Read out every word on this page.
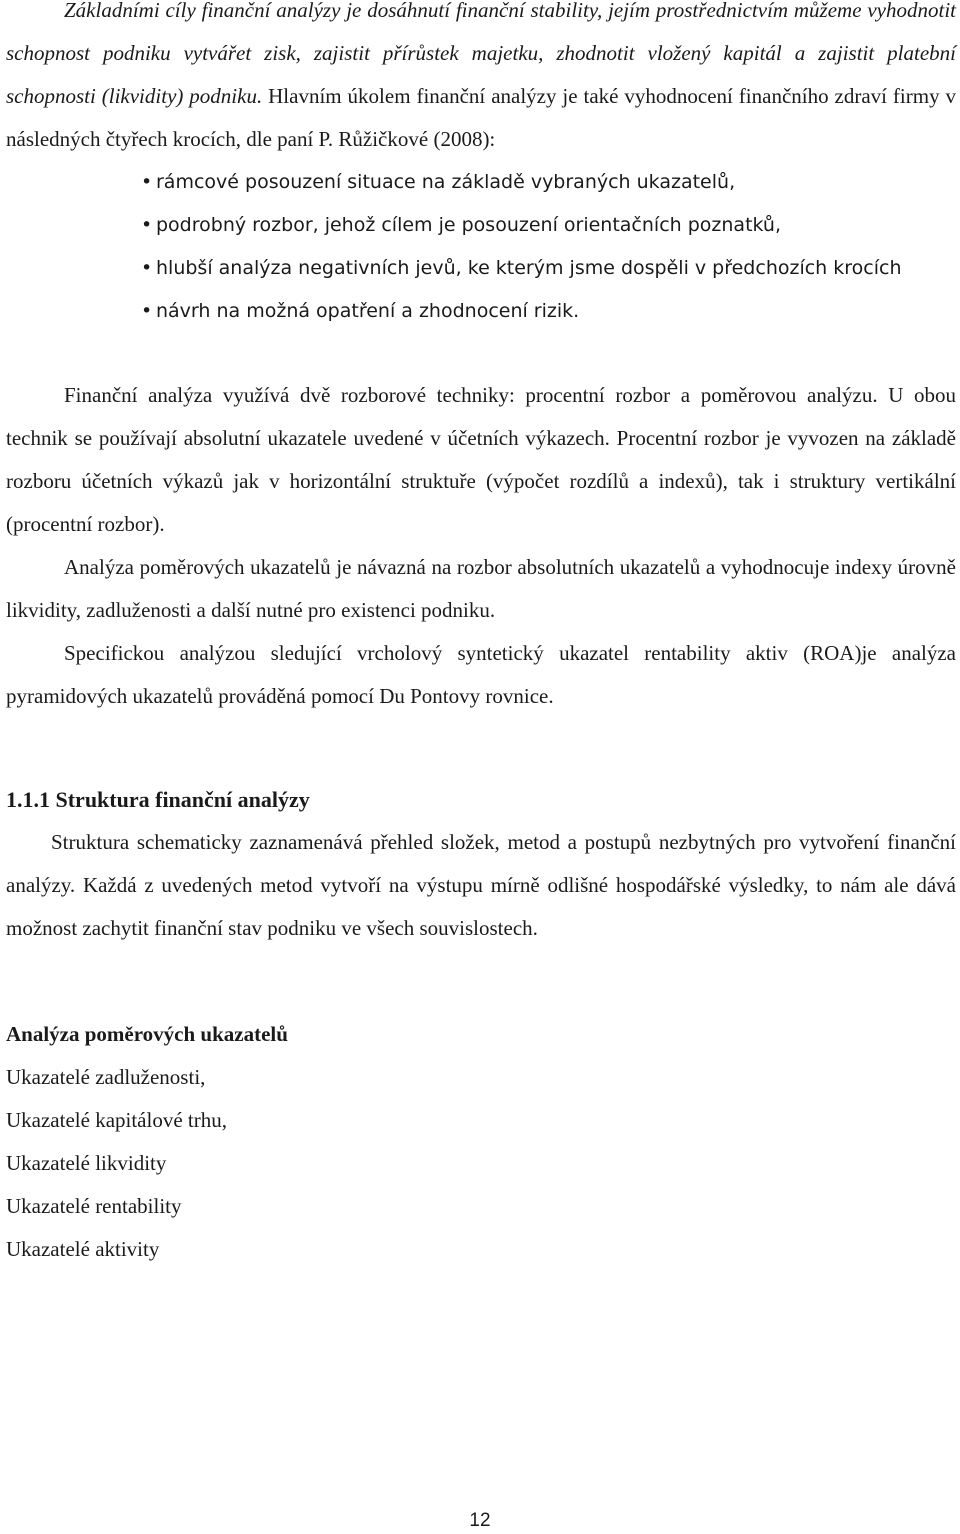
Základními cíly finanční analýzy je dosáhnutí finanční stability, jejím prostřednictvím můžeme vyhodnotit schopnost podniku vytvářet zisk, zajistit přírůstek majetku, zhodnotit vložený kapitál a zajistit platební schopnosti (likvidity) podniku. Hlavním úkolem finanční analýzy je také vyhodnocení finančního zdraví firmy v následných čtyřech krocích, dle paní P. Růžičkové (2008):

• rámcové posouzení situace na základě vybraných ukazatelů,
• podrobný rozbor, jehož cílem je posouzení orientačních poznatků,
• hlubší analýza negativních jevů, ke kterým jsme dospěli v předchozích krocích
• návrh na možná opatření a zhodnocení rizik.

Finanční analýza využívá dvě rozborové techniky: procentní rozbor a poměrovou analýzu. U obou technik se používají absolutní ukazatele uvedené v účetních výkazech. Procentní rozbor je vyvozen na základě rozboru účetních výkazů jak v horizontální struktuře (výpočet rozdílů a indexů), tak i struktury vertikální (procentní rozbor).

Analýza poměrových ukazatelů je návazná na rozbor absolutních ukazatelů a vyhodnocuje indexy úrovně likvidity, zadluženosti a další nutné pro existenci podniku.

Specifickou analýzou sledující vrcholový syntetický ukazatel rentability aktiv (ROA)je analýza pyramidových ukazatelů prováděná pomocí Du Pontovy rovnice.

1.1.1 Struktura finanční analýzy

Struktura schematicky zaznamenává přehled složek, metod a postupů nezbytných pro vytvoření finanční analýzy. Každá z uvedených metod vytvoří na výstupu mírně odlišné hospodářské výsledky, to nám ale dává možnost zachytit finanční stav podniku ve všech souvislostech.

Analýza poměrových ukazatelů

Ukazatelé zadluženosti,

Ukazatelé kapitálové trhu,

Ukazatelé likvidity

Ukazatelé rentability

Ukazatelé aktivity

12
